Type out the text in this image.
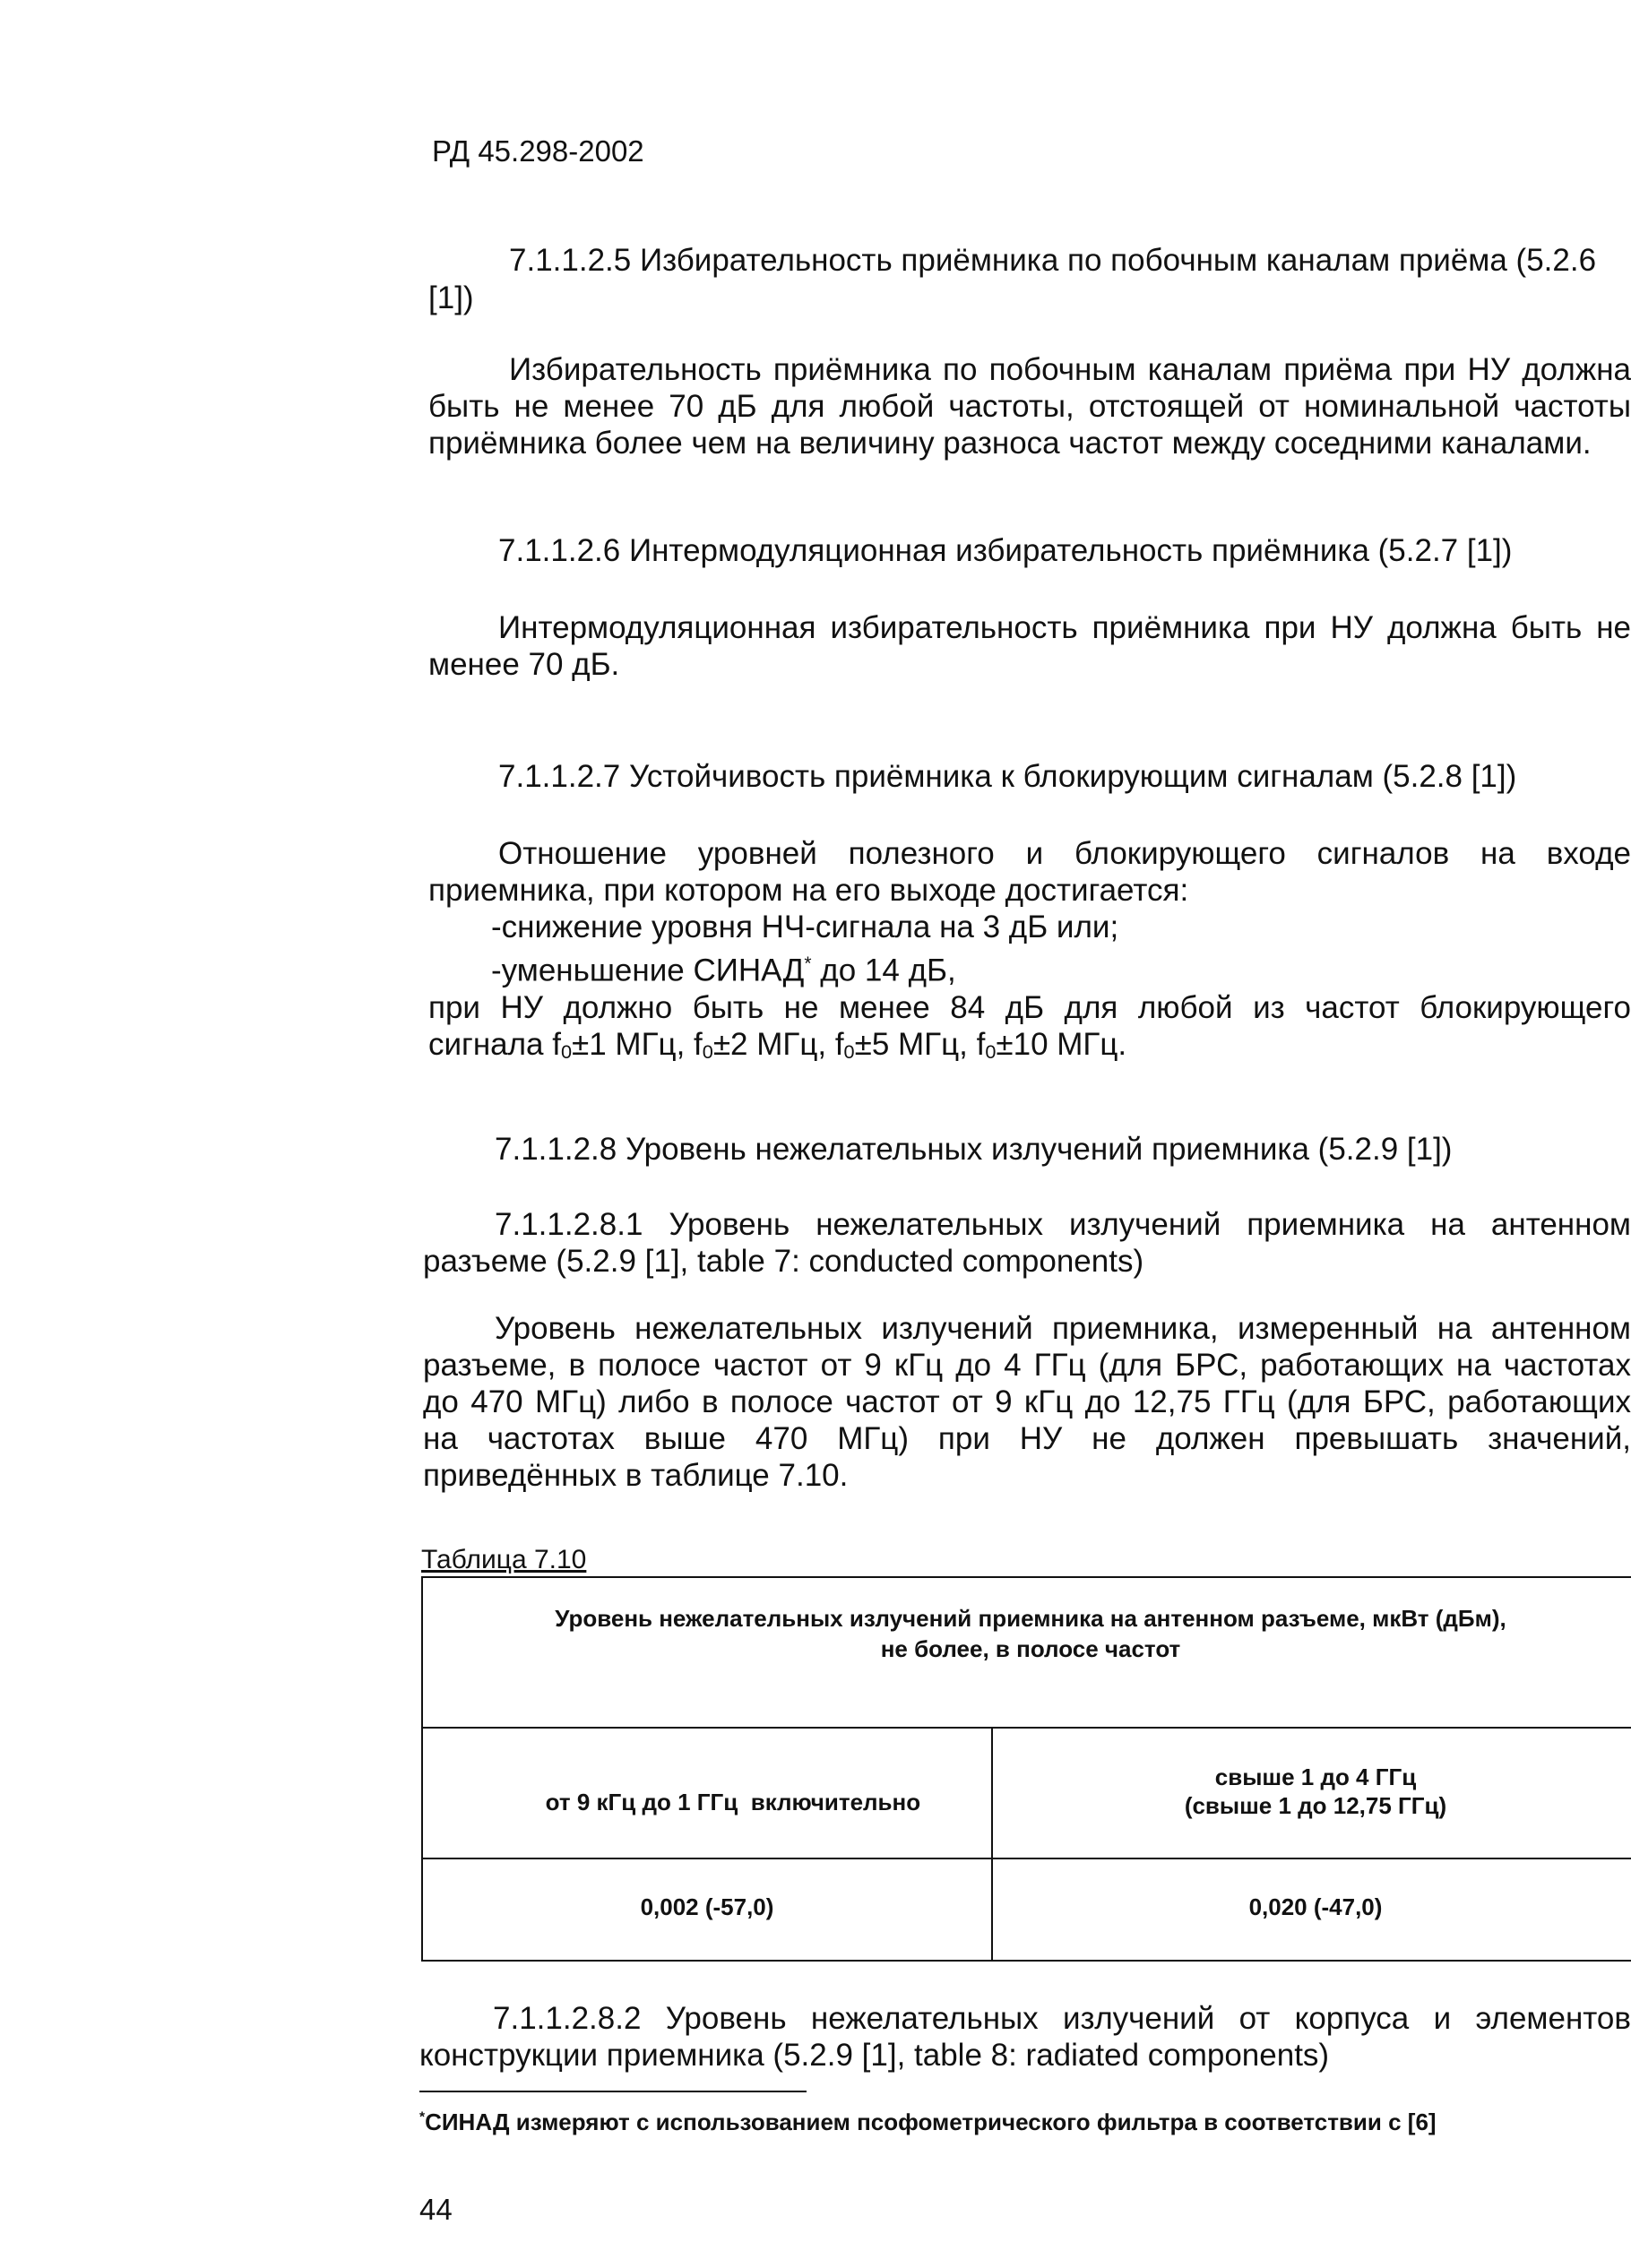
РД 45.298-2002
7.1.1.2.5 Избирательность приёмника по побочным каналам приёма (5.2.6
[1])
Избирательность приёмника по побочным каналам приёма при НУ должна
быть не менее 70 дБ для любой частоты, отстоящей от номинальной частоты
приёмника более чем на величину разноса частот между соседними каналами.
7.1.1.2.6 Интермодуляционная избирательность приёмника (5.2.7 [1])
Интермодуляционная избирательность приёмника при НУ должна быть не
менее 70 дБ.
7.1.1.2.7 Устойчивость приёмника к блокирующим сигналам (5.2.8 [1])
Отношение уровней полезного и блокирующего сигналов на входе
приемника, при котором на его выходе достигается:
-снижение уровня НЧ-сигнала на 3 дБ или;
-уменьшение СИНАД* до 14 дБ,
при НУ должно быть не менее 84 дБ для любой из частот блокирующего
сигнала f0±1 МГц, f0±2 МГц, f0±5 МГц, f0±10 МГц.
7.1.1.2.8 Уровень нежелательных излучений приемника (5.2.9 [1])
7.1.1.2.8.1 Уровень нежелательных излучений приемника на антенном
разъеме (5.2.9 [1], table 7: conducted components)
Уровень нежелательных излучений приемника, измеренный на антенном
разъеме, в полосе частот от 9 кГц до 4 ГГц (для БРС, работающих на частотах
до 470 МГц) либо в полосе частот от 9 кГц до 12,75 ГГц (для БРС, работающих
на частотах выше 470 МГц) при НУ не должен превышать значений,
приведённых в таблице 7.10.
Таблица 7.10
Уровень нежелательных излучений приемника на антенном разъеме, мкВт (дБм),
не более, в полосе частот	

от 9 кГц до 1 ГГц  включительно	свыше 1 до 4 ГГц
(свыше 1 до 12,75 ГГц)

0,002 (-57,0)	0,020 (-47,0)
7.1.1.2.8.2 Уровень нежелательных излучений от корпуса и элементов
конструкции приемника (5.2.9 [1], table 8: radiated components)
*СИНАД измеряют с использованием псофометрического фильтра в соответствии с [6]
44
